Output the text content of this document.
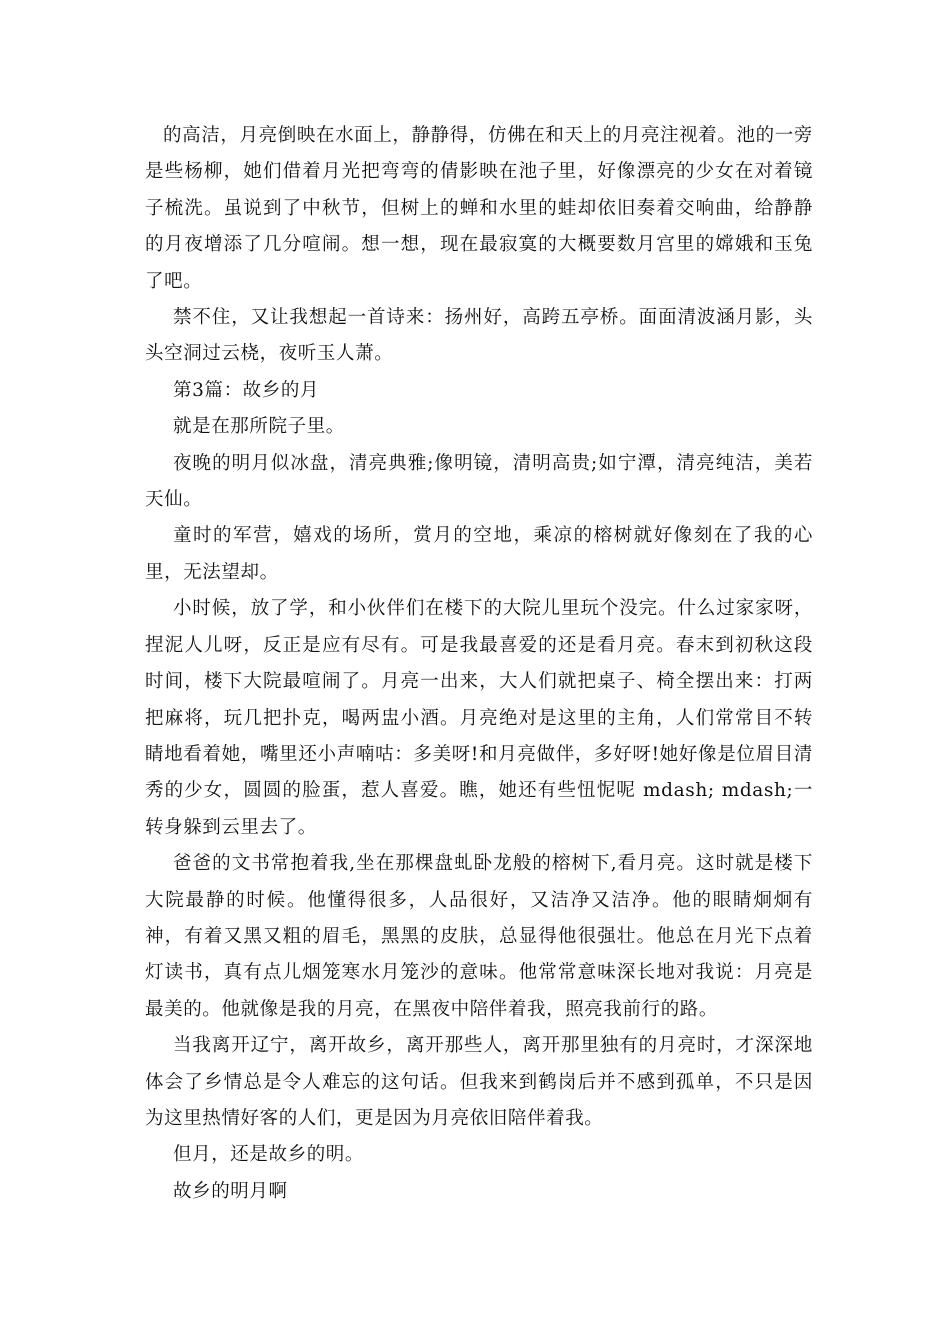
的高洁，月亮倒映在水面上，静静得，仿佛在和天上的月亮注视着。池的一旁是些杨柳，她们借着月光把弯弯的倩影映在池子里，好像漂亮的少女在对着镜子梳洗。虽说到了中秋节，但树上的蝉和水里的蛙却依旧奏着交响曲，给静静的月夜增添了几分喧闹。想一想，现在最寂寞的大概要数月宫里的嫦娥和玉兔了吧。

禁不住，又让我想起一首诗来：扬州好，高跨五亭桥。面面清波涵月影，头头空洞过云桡，夜听玉人萧。

第3篇：故乡的月

就是在那所院子里。

夜晚的明月似冰盘，清亮典雅;像明镜，清明高贵;如宁潭，清亮纯洁，美若天仙。

童时的军营，嬉戏的场所，赏月的空地，乘凉的榕树就好像刻在了我的心里，无法望却。

小时候，放了学，和小伙伴们在楼下的大院儿里玩个没完。什么过家家呀，捏泥人儿呀，反正是应有尽有。可是我最喜爱的还是看月亮。春末到初秋这段时间，楼下大院最喧闹了。月亮一出来，大人们就把桌子、椅全摆出来：打两把麻将，玩几把扑克，喝两盅小酒。月亮绝对是这里的主角，人们常常目不转睛地看着她，嘴里还小声喃咕：多美呀!和月亮做伴，多好呀!她好像是位眉目清秀的少女，圆圆的脸蛋，惹人喜爱。瞧，她还有些忸怩呢 mdash; mdash;一转身躲到云里去了。

爸爸的文书常抱着我,坐在那棵盘虬卧龙般的榕树下,看月亮。这时就是楼下大院最静的时候。他懂得很多，人品很好，又洁净又洁净。他的眼睛炯炯有神，有着又黑又粗的眉毛，黑黑的皮肤，总显得他很强壮。他总在月光下点着灯读书，真有点儿烟笼寒水月笼沙的意味。他常常意味深长地对我说：月亮是最美的。他就像是我的月亮，在黑夜中陪伴着我，照亮我前行的路。

当我离开辽宁，离开故乡，离开那些人，离开那里独有的月亮时，才深深地体会了乡情总是令人难忘的这句话。但我来到鹤岗后并不感到孤单，不只是因为这里热情好客的人们，更是因为月亮依旧陪伴着我。

但月，还是故乡的明。

故乡的明月啊
